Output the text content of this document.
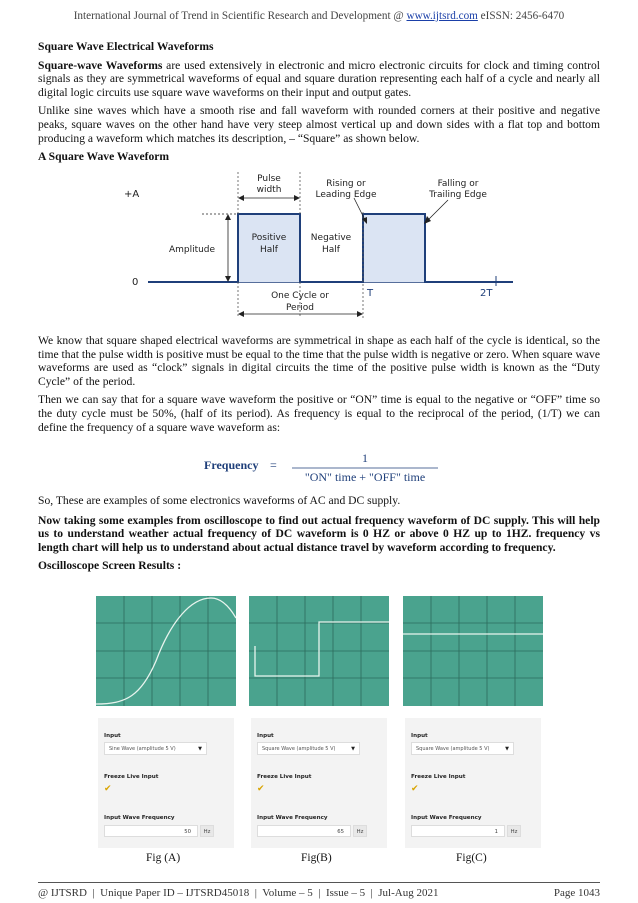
International Journal of Trend in Scientific Research and Development @ www.ijtsrd.com eISSN: 2456-6470

Square Wave Electrical Waveforms

Square-wave Waveforms are used extensively in electronic and micro electronic circuits for clock and timing control signals as they are symmetrical waveforms of equal and square duration representing each half of a cycle and nearly all digital logic circuits use square wave waveforms on their input and output gates.

Unlike sine waves which have a smooth rise and fall waveform with rounded corners at their positive and negative peaks, square waves on the other hand have very steep almost vertical up and down sides with a flat top and bottom producing a waveform which matches its description, – “Square” as shown below.

A Square Wave Waveform

+A
0
Pulse
width
Rising or
Leading Edge
Falling or
Trailing Edge
Amplitude
Positive
Half
Negative
Half
One Cycle or
Period
T	2T

We know that square shaped electrical waveforms are symmetrical in shape as each half of the cycle is identical, so the time that the pulse width is positive must be equal to the time that the pulse width is negative or zero. When square wave waveforms are used as “clock” signals in digital circuits the time of the positive pulse width is known as the “Duty Cycle” of the period.

Then we can say that for a square wave waveform the positive or “ON” time is equal to the negative or “OFF” time so the duty cycle must be 50%, (half of its period). As frequency is equal to the reciprocal of the period, (1/T) we can define the frequency of a square wave waveform as:

Frequency =	1
"ON" time + "OFF" time

So, These are examples of some electronics waveforms of AC and DC supply.

Now taking some examples from oscilloscope to find out actual frequency waveform of DC supply. This will help us to understand weather actual frequency of DC waveform is 0 HZ or above 0 HZ up to 1HZ. frequency vs length chart will help us to understand about actual distance travel by waveform according to frequency.

Oscilloscope Screen Results :

Input
Sine Wave (amplitude 5 V)	▼
Freeze Live Input
✔
Input Wave Frequency
50	Hz
Input
Square Wave (amplitude 5 V)	▼
Freeze Live Input
✔
Input Wave Frequency
65	Hz
Input
Square Wave (amplitude 5 V)	▼
Freeze Live Input
✔
Input Wave Frequency
1	Hz
Fig (A)	Fig(B)	Fig(C)
@ IJTSRD  |  Unique Paper ID – IJTSRD45018  |  Volume – 5  |  Issue – 5  |  Jul-Aug 2021	Page 1043
